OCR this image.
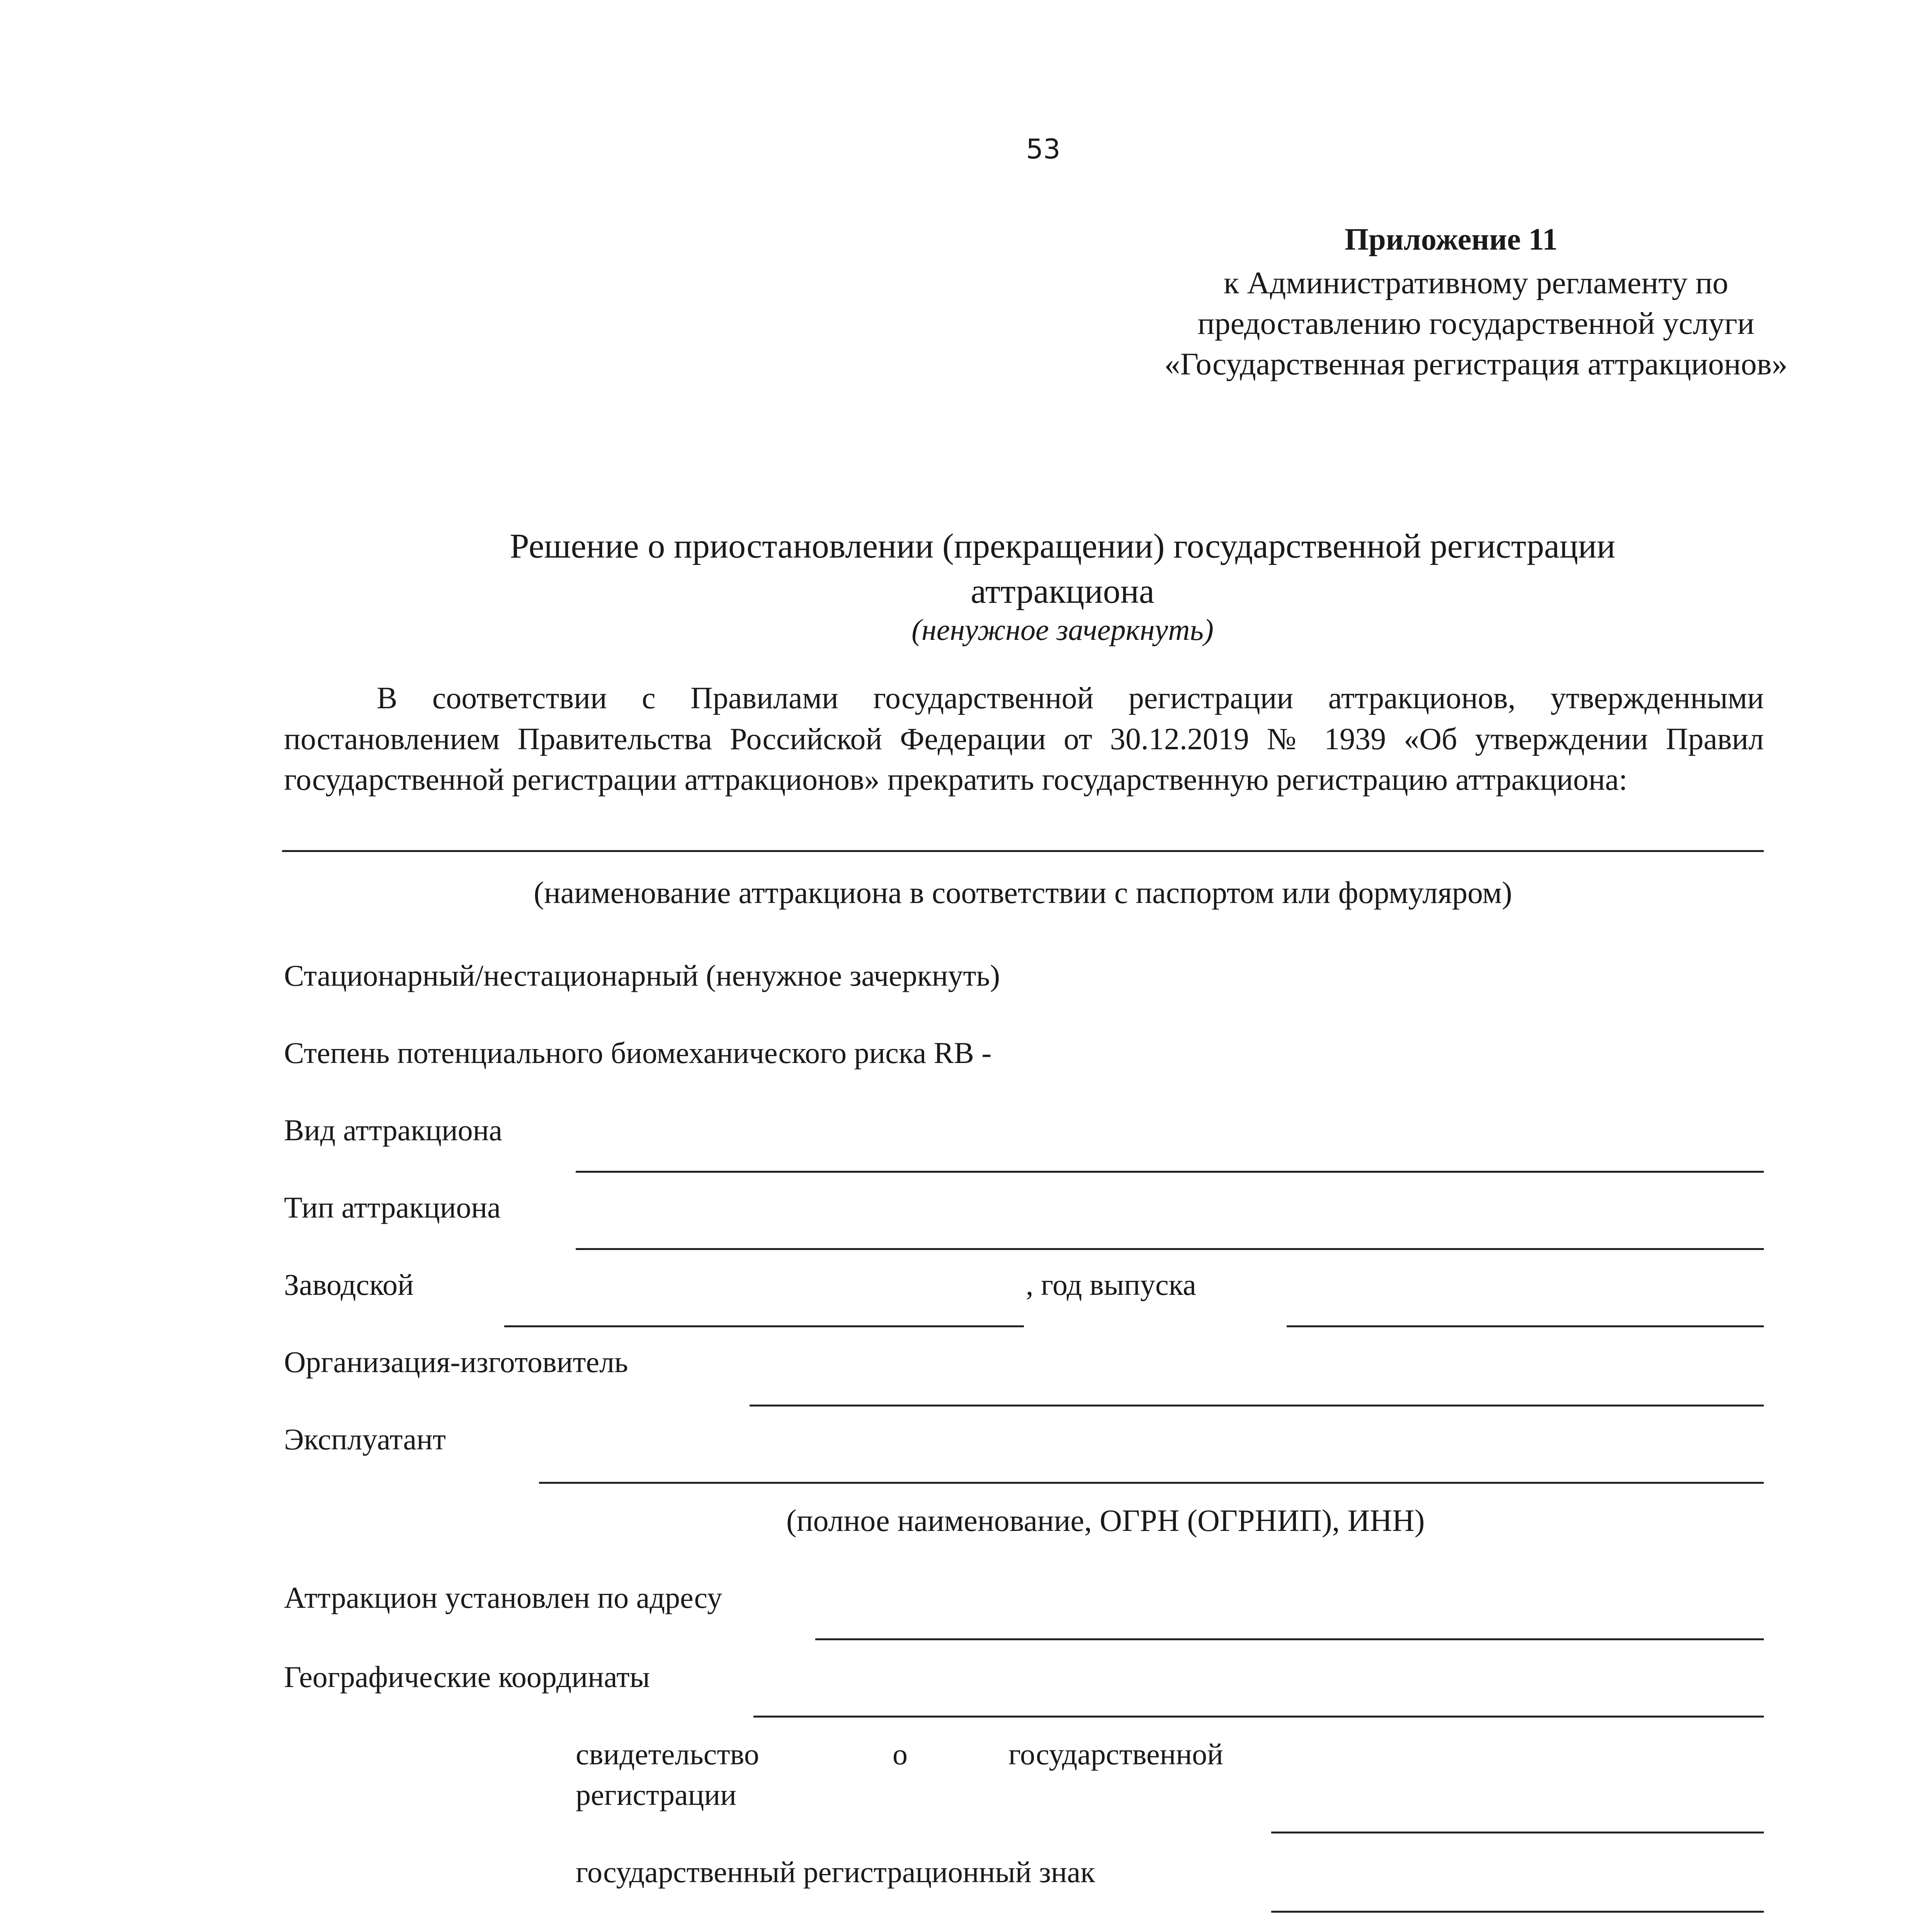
53
Приложение 11
к Административному регламенту по предоставлению государственной услуги «Государственная регистрация аттракционов»
Решение о приостановлении (прекращении) государственной регистрации аттракциона
(ненужное зачеркнуть)
В соответствии с Правилами государственной регистрации аттракционов, утвержденными постановлением Правительства Российской Федерации от 30.12.2019 № 1939 «Об утверждении Правил государственной регистрации аттракционов» прекратить государственную регистрацию аттракциона:
(наименование аттракциона в соответствии с паспортом или формуляром)
Стационарный/нестационарный (ненужное зачеркнуть)
Степень потенциального биомеханического риска RB -
Вид аттракциона
Тип аттракциона
Заводской	, год выпуска
Организация-изготовитель
Эксплуатант
(полное наименование, ОГРН (ОГРНИП), ИНН)
Аттракцион установлен по адресу
Географические координаты
свидетельство	о	государственной
регистрации
государственный регистрационный знак
